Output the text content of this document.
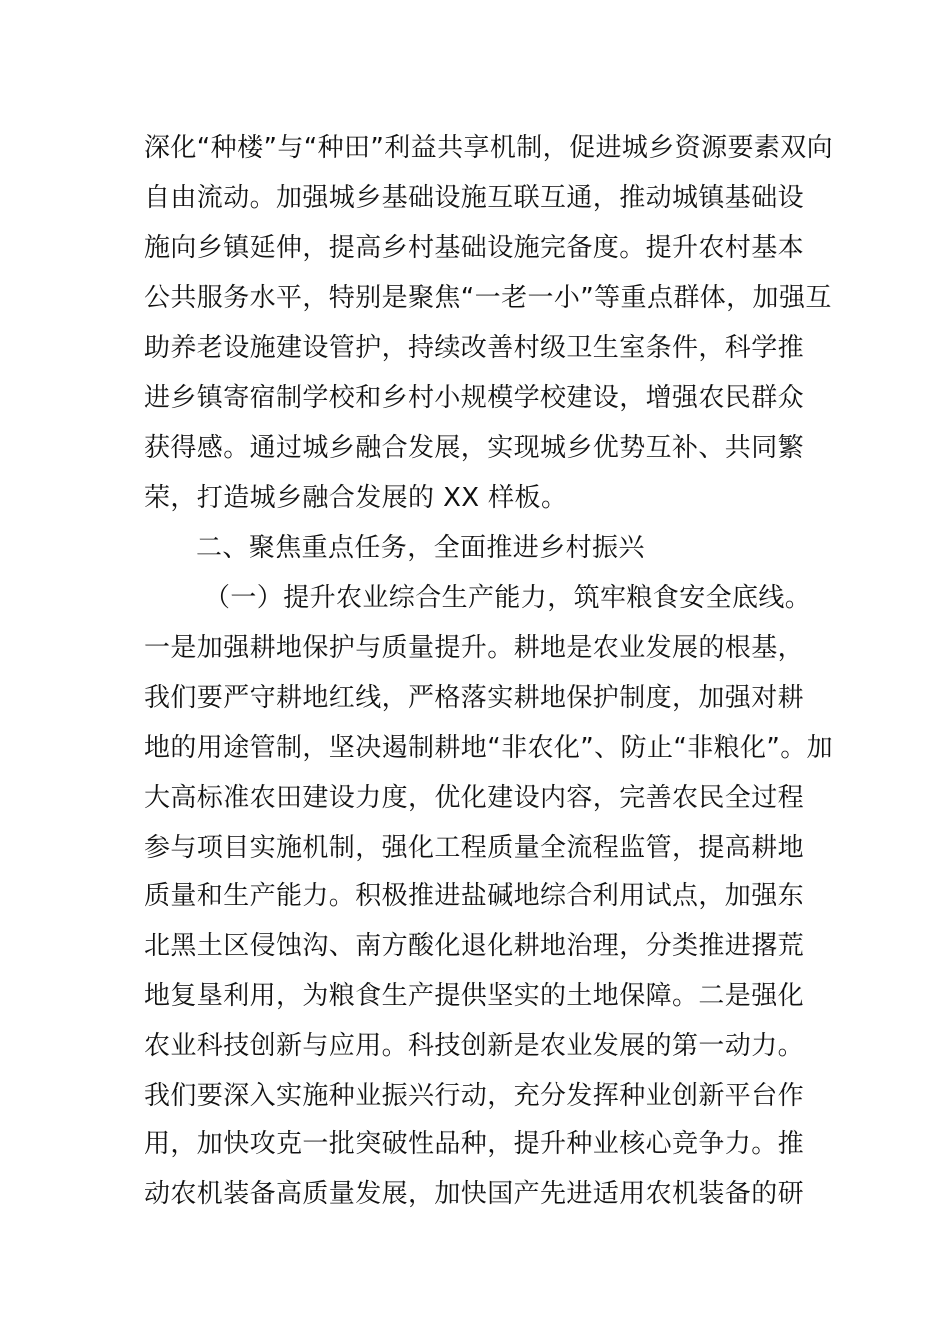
深化“种楼”与“种田”利益共享机制，促进城乡资源要素双向
自由流动。加强城乡基础设施互联互通，推动城镇基础设
施向乡镇延伸，提高乡村基础设施完备度。提升农村基本
公共服务水平，特别是聚焦“一老一小”等重点群体，加强互
助养老设施建设管护，持续改善村级卫生室条件，科学推
进乡镇寄宿制学校和乡村小规模学校建设，增强农民群众
获得感。通过城乡融合发展，实现城乡优势互补、共同繁
荣，打造城乡融合发展的 XX 样板。
二、聚焦重点任务，全面推进乡村振兴
（一）提升农业综合生产能力，筑牢粮食安全底线。
一是加强耕地保护与质量提升。耕地是农业发展的根基，
我们要严守耕地红线，严格落实耕地保护制度，加强对耕
地的用途管制，坚决遏制耕地“非农化”、防止“非粮化”。加
大高标准农田建设力度，优化建设内容，完善农民全过程
参与项目实施机制，强化工程质量全流程监管，提高耕地
质量和生产能力。积极推进盐碱地综合利用试点，加强东
北黑土区侵蚀沟、南方酸化退化耕地治理，分类推进撂荒
地复垦利用，为粮食生产提供坚实的土地保障。二是强化
农业科技创新与应用。科技创新是农业发展的第一动力。
我们要深入实施种业振兴行动，充分发挥种业创新平台作
用，加快攻克一批突破性品种，提升种业核心竞争力。推
动农机装备高质量发展，加快国产先进适用农机装备的研
